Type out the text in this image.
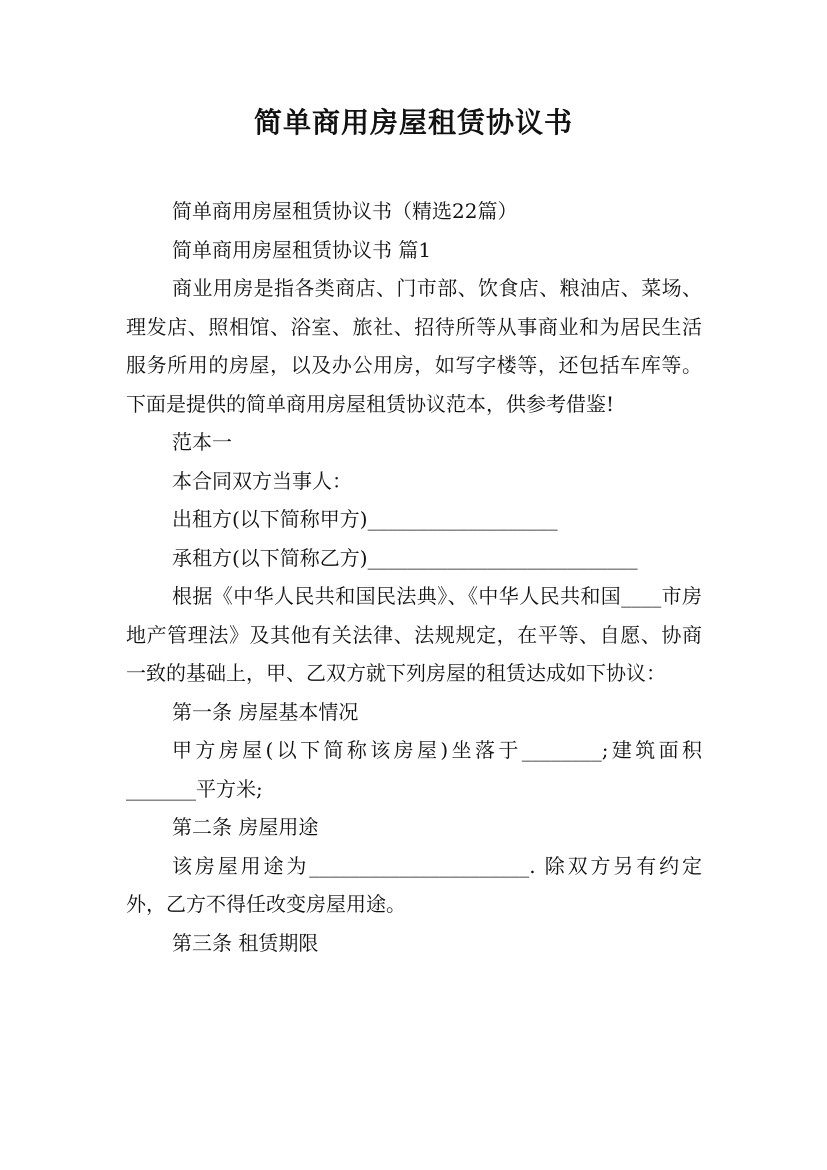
简单商用房屋租赁协议书

简单商用房屋租赁协议书（精选22篇）

简单商用房屋租赁协议书 篇1

商业用房是指各类商店、门市部、饮食店、粮油店、菜场、理发店、照相馆、浴室、旅社、招待所等从事商业和为居民生活服务所用的房屋，以及办公用房，如写字楼等，还包括车库等。下面是提供的简单商用房屋租赁协议范本，供参考借鉴!

范本一

本合同双方当事人：

出租方(以下简称甲方)___________________

承租方(以下简称乙方)___________________________

根据《中华人民共和国民法典》、《中华人民共和国____市房地产管理法》及其他有关法律、法规规定，在平等、自愿、协商一致的基础上，甲、乙双方就下列房屋的租赁达成如下协议：

第一条 房屋基本情况

甲方房屋(以下简称该房屋)坐落于________;建筑面积_______平方米;

第二条 房屋用途

该房屋用途为______________________. 除双方另有约定外，乙方不得任改变房屋用途。

第三条 租赁期限
